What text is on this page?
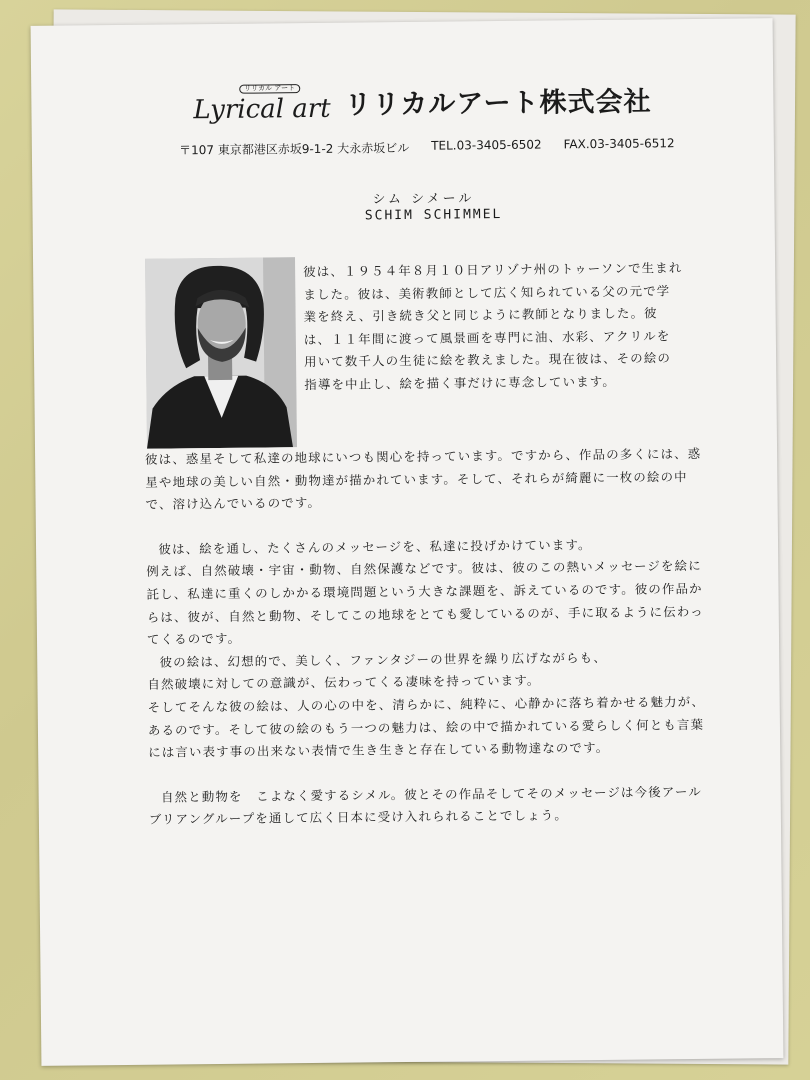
リリカル アート
Lyrical art リリカルアート株式会社
〒107 東京都港区赤坂9-1-2 大永赤坂ビル TEL.03-3405-6502 FAX.03-3405-6512
シム シメール
SCHIM SCHIMMEL
彼は、１９５４年８月１０日アリゾナ州のトゥーソンで生まれました。彼は、美術教師として広く知られている父の元で学業を終え、引き続き父と同じように教師となりました。彼は、１１年間に渡って風景画を専門に油、水彩、アクリルを用いて数千人の生徒に絵を教えました。現在彼は、その絵の指導を中止し、絵を描く事だけに専念しています。

彼は、惑星そして私達の地球にいつも関心を持っています。ですから、作品の多くには、惑星や地球の美しい自然・動物達が描かれています。そして、それらが綺麗に一枚の絵の中で、溶け込んでいるのです。

彼は、絵を通し、たくさんのメッセージを、私達に投げかけています。

例えば、自然破壊・宇宙・動物、自然保護などです。彼は、彼のこの熱いメッセージを絵に託し、私達に重くのしかかる環境問題という大きな課題を、訴えているのです。彼の作品からは、彼が、自然と動物、そしてこの地球をとても愛しているのが、手に取るように伝わってくるのです。

彼の絵は、幻想的で、美しく、ファンタジーの世界を繰り広げながらも、

自然破壊に対しての意識が、伝わってくる凄味を持っています。

そしてそんな彼の絵は、人の心の中を、清らかに、純粋に、心静かに落ち着かせる魅力が、あるのです。そして彼の絵のもう一つの魅力は、絵の中で描かれている愛らしく何とも言葉には言い表す事の出来ない表情で生き生きと存在している動物達なのです。

自然と動物を　こよなく愛するシメル。彼とその作品そしてそのメッセージは今後アールブリアングループを通して広く日本に受け入れられることでしょう。
